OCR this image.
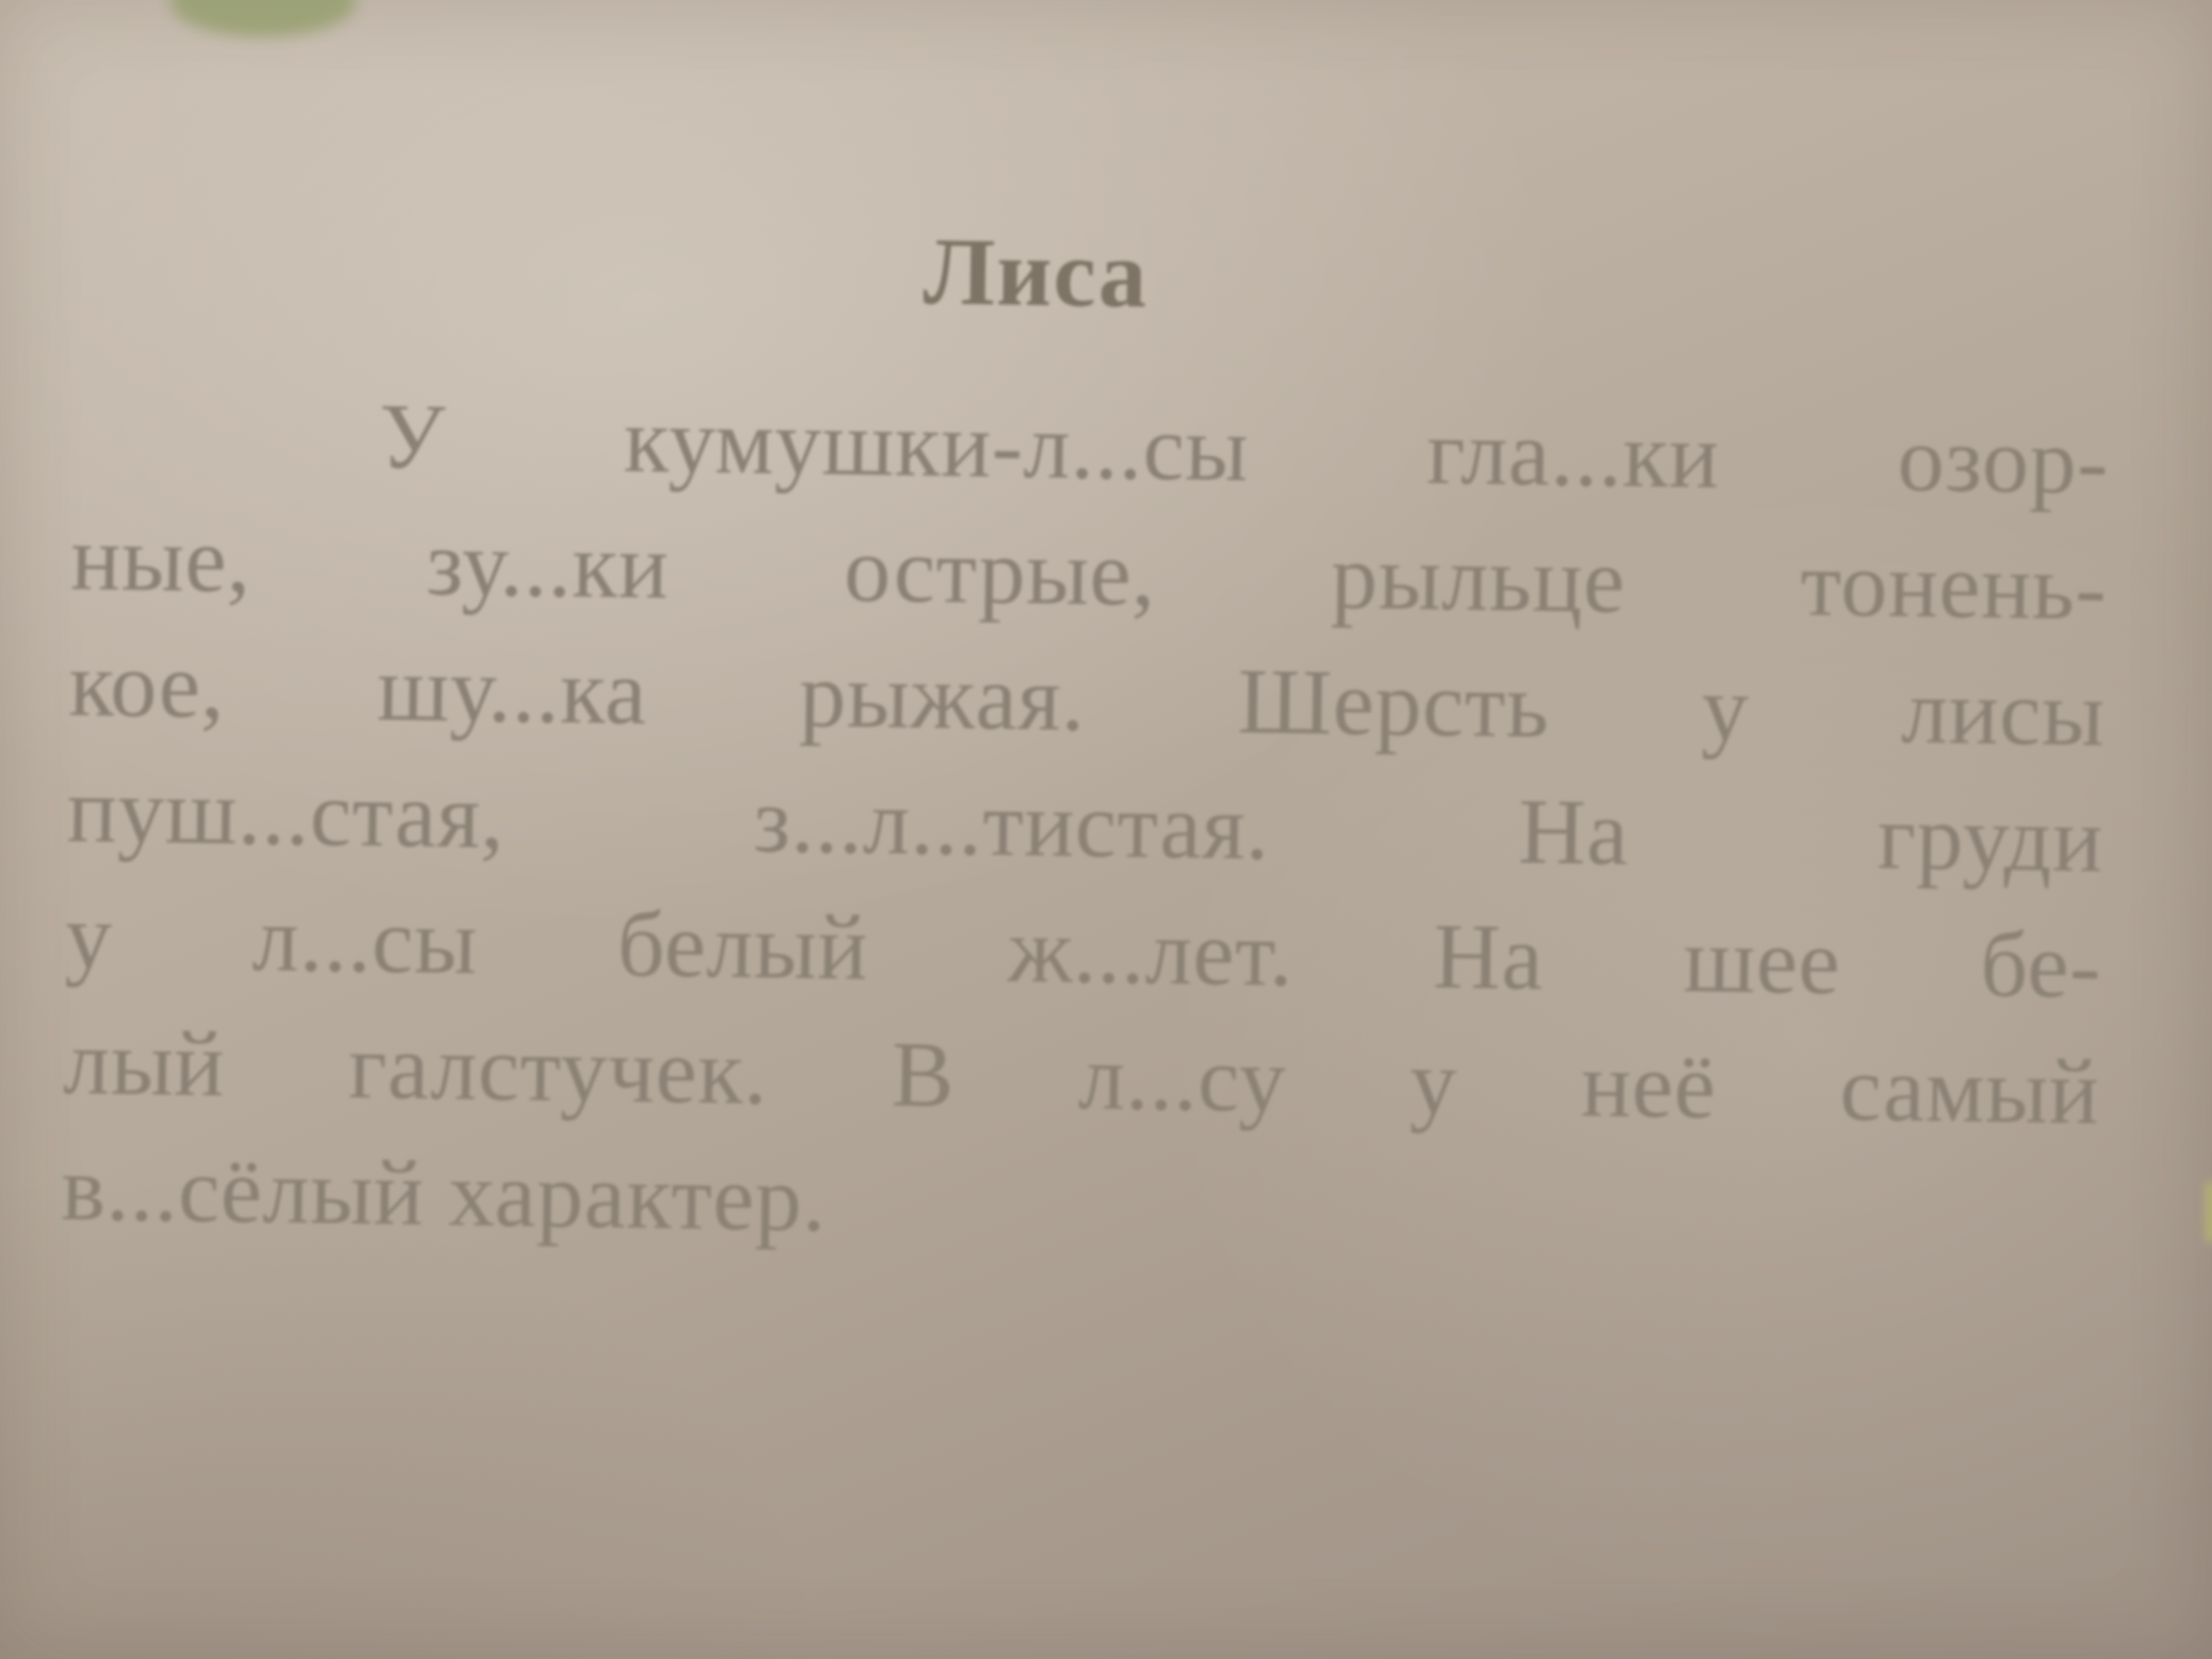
Лиса
У кумушки-л...сы гла...ки озор-
ные, зу...ки острые, рыльце тонень-
кое, шу...ка рыжая. Шерсть у лисы
пуш...стая, з...л...тистая. На груди
у л...сы белый ж...лет. На шее бе-
лый галстучек. В л...су у неё самый
в...сёлый характер.
